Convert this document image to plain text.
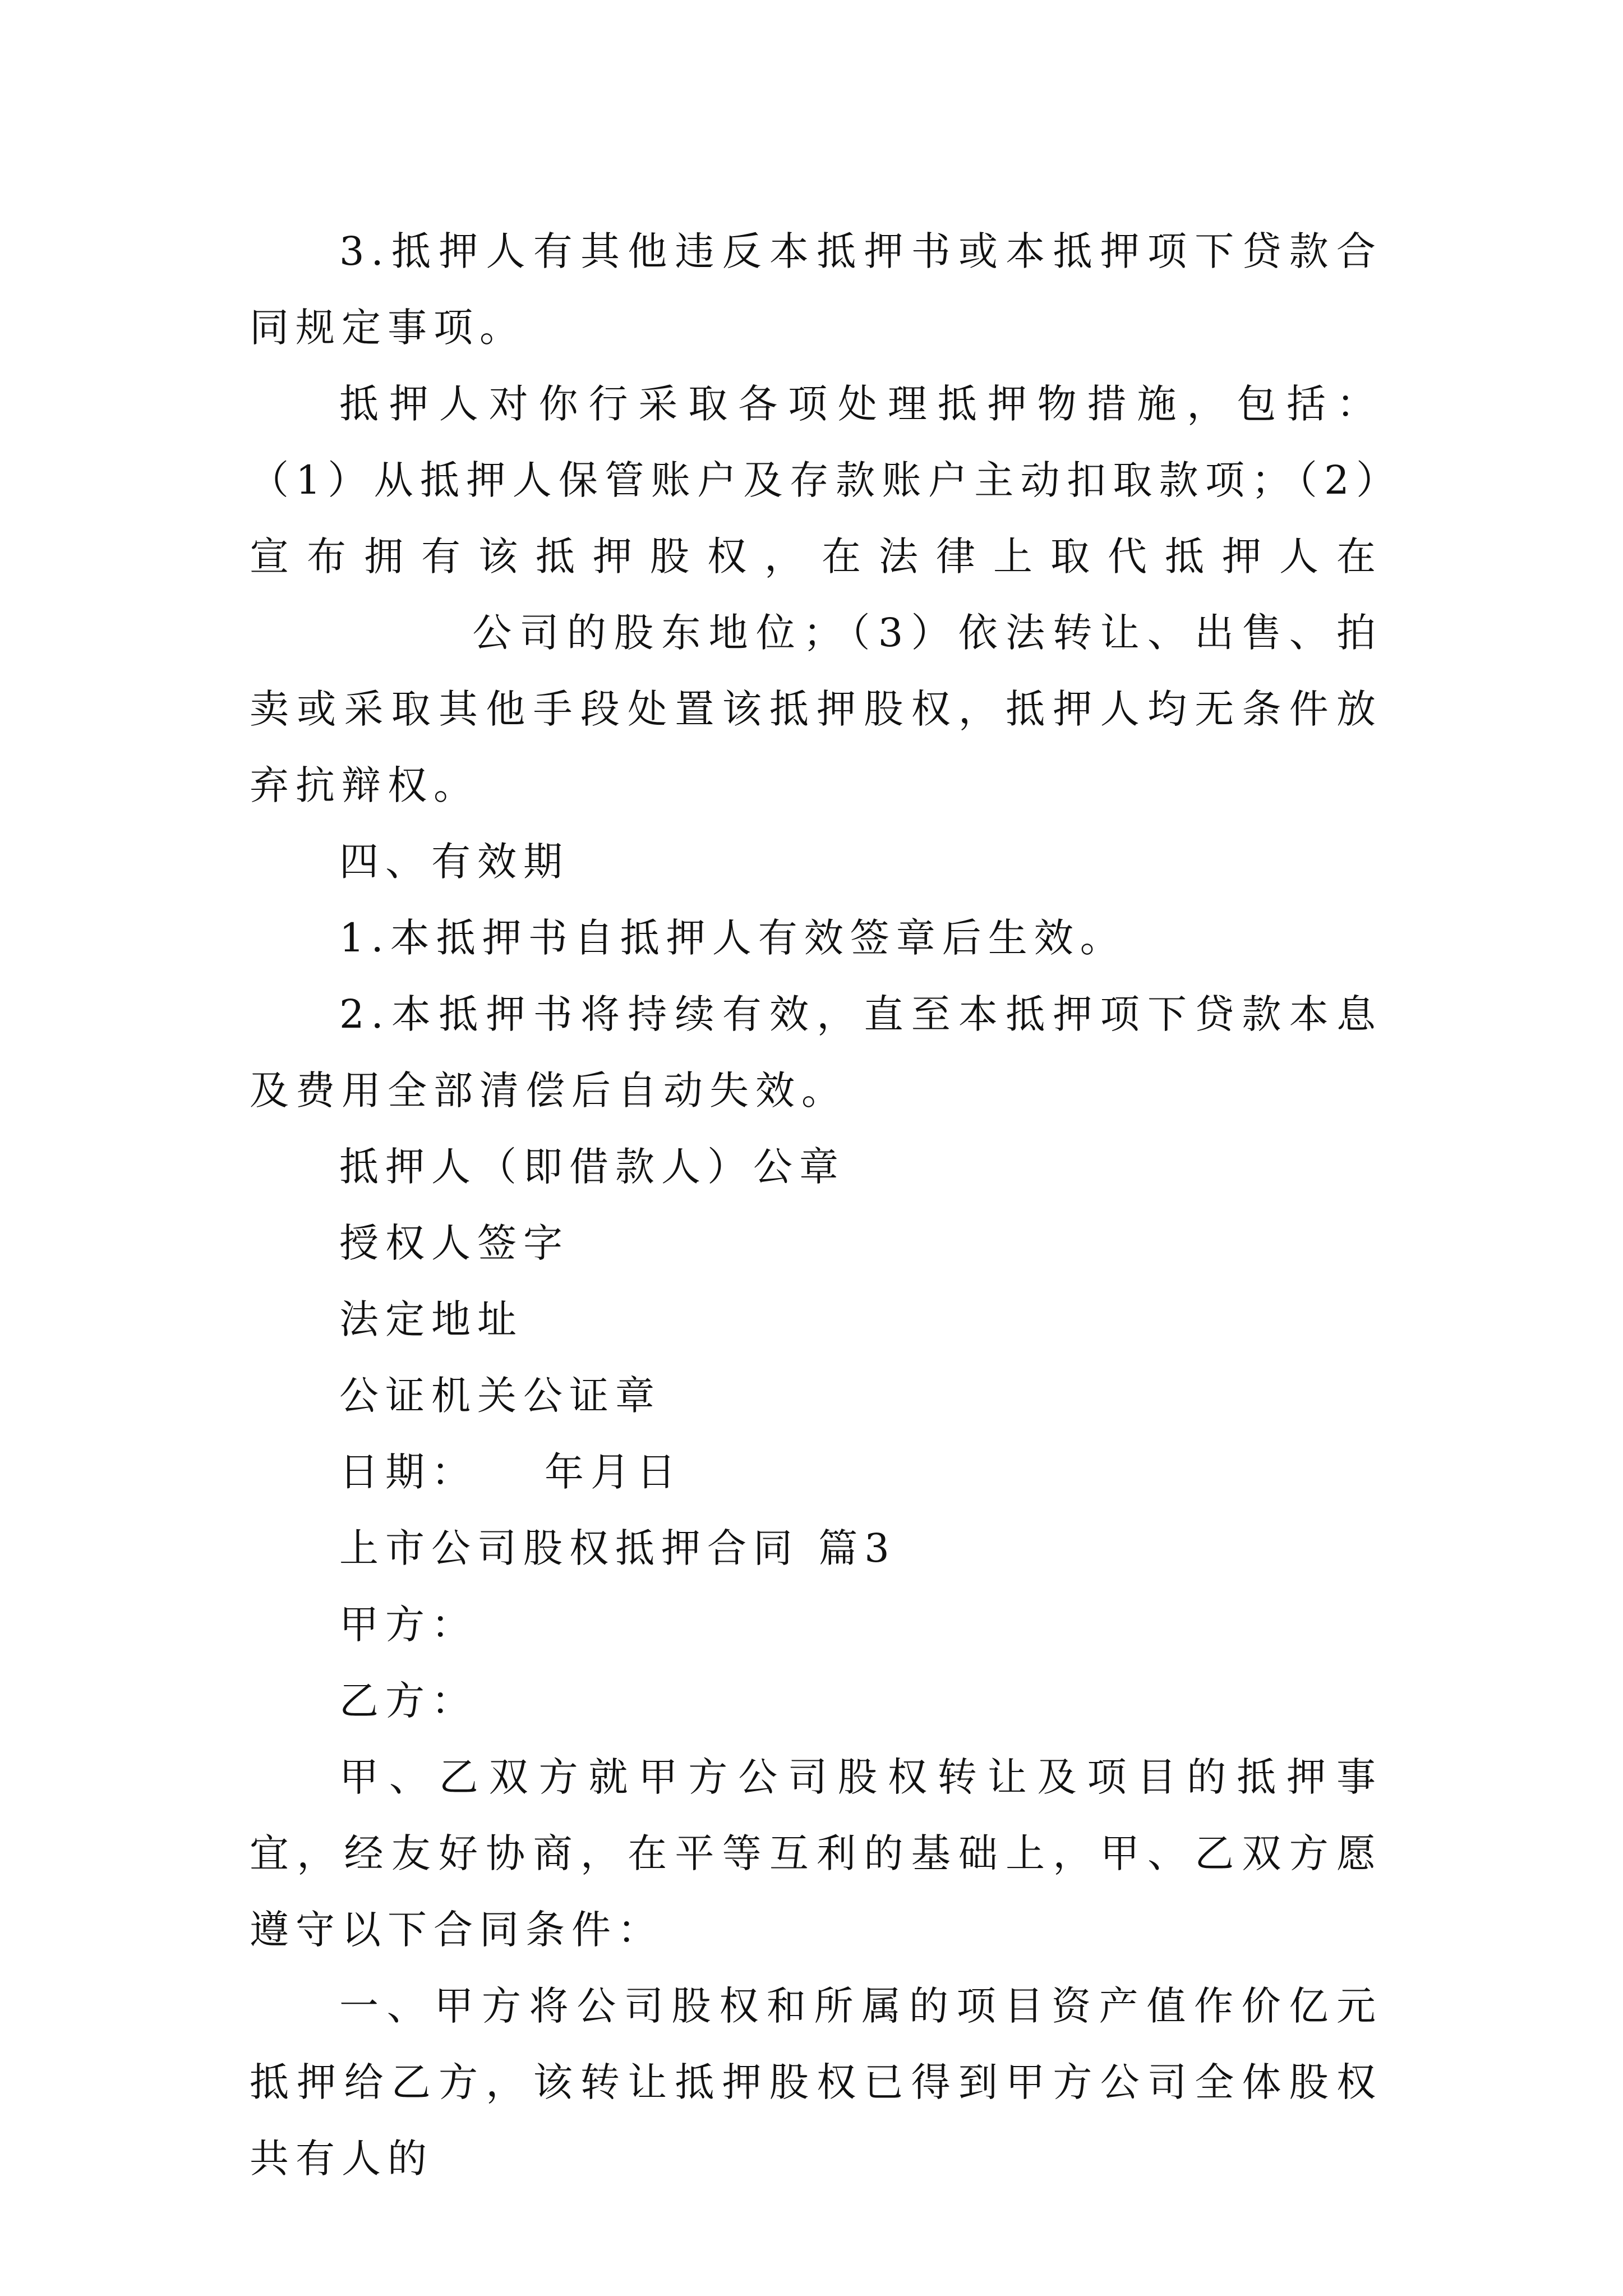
3.抵押人有其他违反本抵押书或本抵押项下贷款合同规定事项。

抵押人对你行采取各项处理抵押物措施，包括：（1）从抵押人保管账户及存款账户主动扣取款项；（2）宣布拥有该抵押股权，在法律上取代抵押人在公司的股东地位；（3）依法转让、出售、拍卖或采取其他手段处置该抵押股权，抵押人均无条件放弃抗辩权。

四、有效期

1.本抵押书自抵押人有效签章后生效。

2.本抵押书将持续有效，直至本抵押项下贷款本息及费用全部清偿后自动失效。

抵押人（即借款人）公章

授权人签字

法定地址

公证机关公证章

日期： 年月日

上市公司股权抵押合同 篇3

甲方：

乙方：

甲、乙双方就甲方公司股权转让及项目的抵押事宜，经友好协商，在平等互利的基础上，甲、乙双方愿遵守以下合同条件：

一、甲方将公司股权和所属的项目资产值作价亿元抵押给乙方，该转让抵押股权已得到甲方公司全体股权共有人的
